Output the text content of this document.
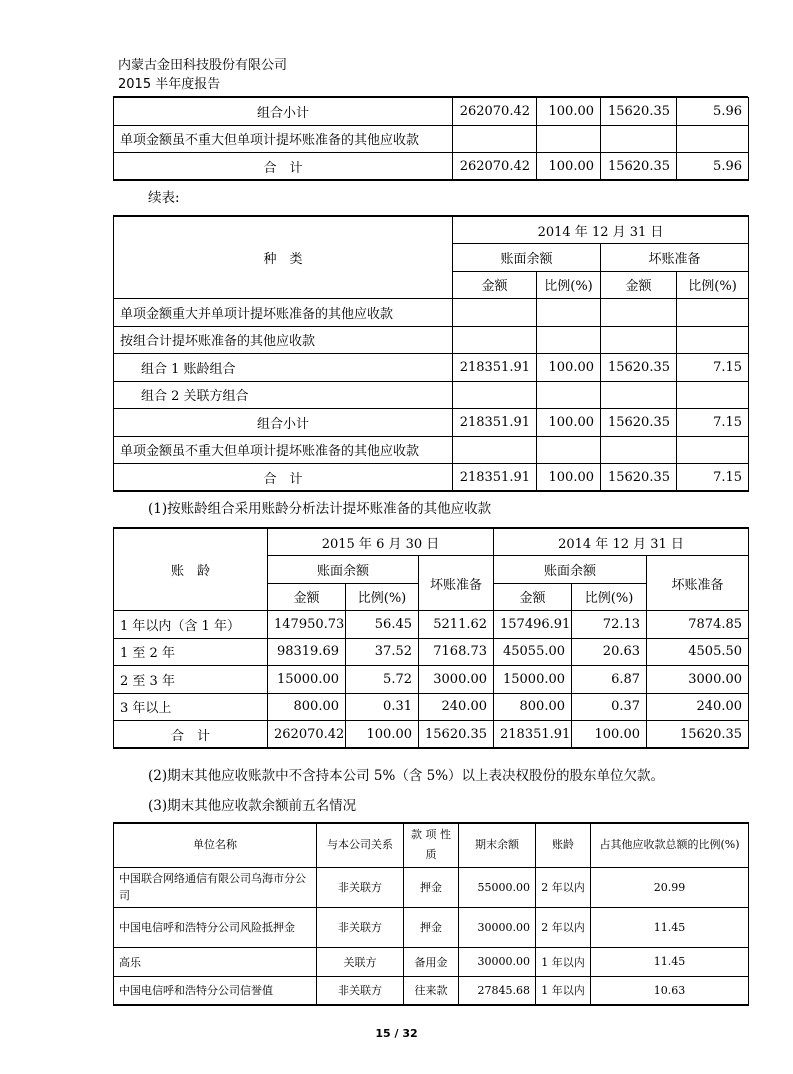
内蒙古金田科技股份有限公司
2015 半年度报告
组合小计	262070.42	100.00	15620.35	5.96
单项金额虽不重大但单项计提坏账准备的其他应收款				
合　计	262070.42	100.00	15620.35	5.96
续表:
种　类	2014 年 12 月 31 日			
	账面余额		坏账准备	
	金额	比例(%)	金额	比例(%)
单项金额重大并单项计提坏账准备的其他应收款				
按组合计提坏账准备的其他应收款				
组合 1 账龄组合	218351.91	100.00	15620.35	7.15
组合 2 关联方组合				
组合小计	218351.91	100.00	15620.35	7.15
单项金额虽不重大但单项计提坏账准备的其他应收款				
合　计	218351.91	100.00	15620.35	7.15
(1)按账龄组合采用账龄分析法计提坏账准备的其他应收款
账　龄	2015 年 6 月 30 日			2014 年 12 月 31 日		
	账面余额		坏账准备	账面余额		坏账准备
	金额	比例(%)		金额	比例(%)	
1 年以内（含 1 年）	147950.73	56.45	5211.62	157496.91	72.13	7874.85
1 至 2 年	98319.69	37.52	7168.73	45055.00	20.63	4505.50
2 至 3 年	15000.00	5.72	3000.00	15000.00	6.87	3000.00
3 年以上	800.00	0.31	240.00	800.00	0.37	240.00
合　计	262070.42	100.00	15620.35	218351.91	100.00	15620.35
(2)期末其他应收账款中不含持本公司 5%（含 5%）以上表决权股份的股东单位欠款。
(3)期末其他应收款余额前五名情况
单位名称	与本公司关系	款 项 性质	期末余额	账龄	占其他应收款总额的比例(%)
中国联合网络通信有限公司乌海市分公司	非关联方	押金	55000.00	2 年以内	20.99
中国电信呼和浩特分公司风险抵押金	非关联方	押金	30000.00	2 年以内	11.45
高乐	关联方	备用金	30000.00	1 年以内	11.45
中国电信呼和浩特分公司信誉值	非关联方	往来款	27845.68	1 年以内	10.63
15 / 32
